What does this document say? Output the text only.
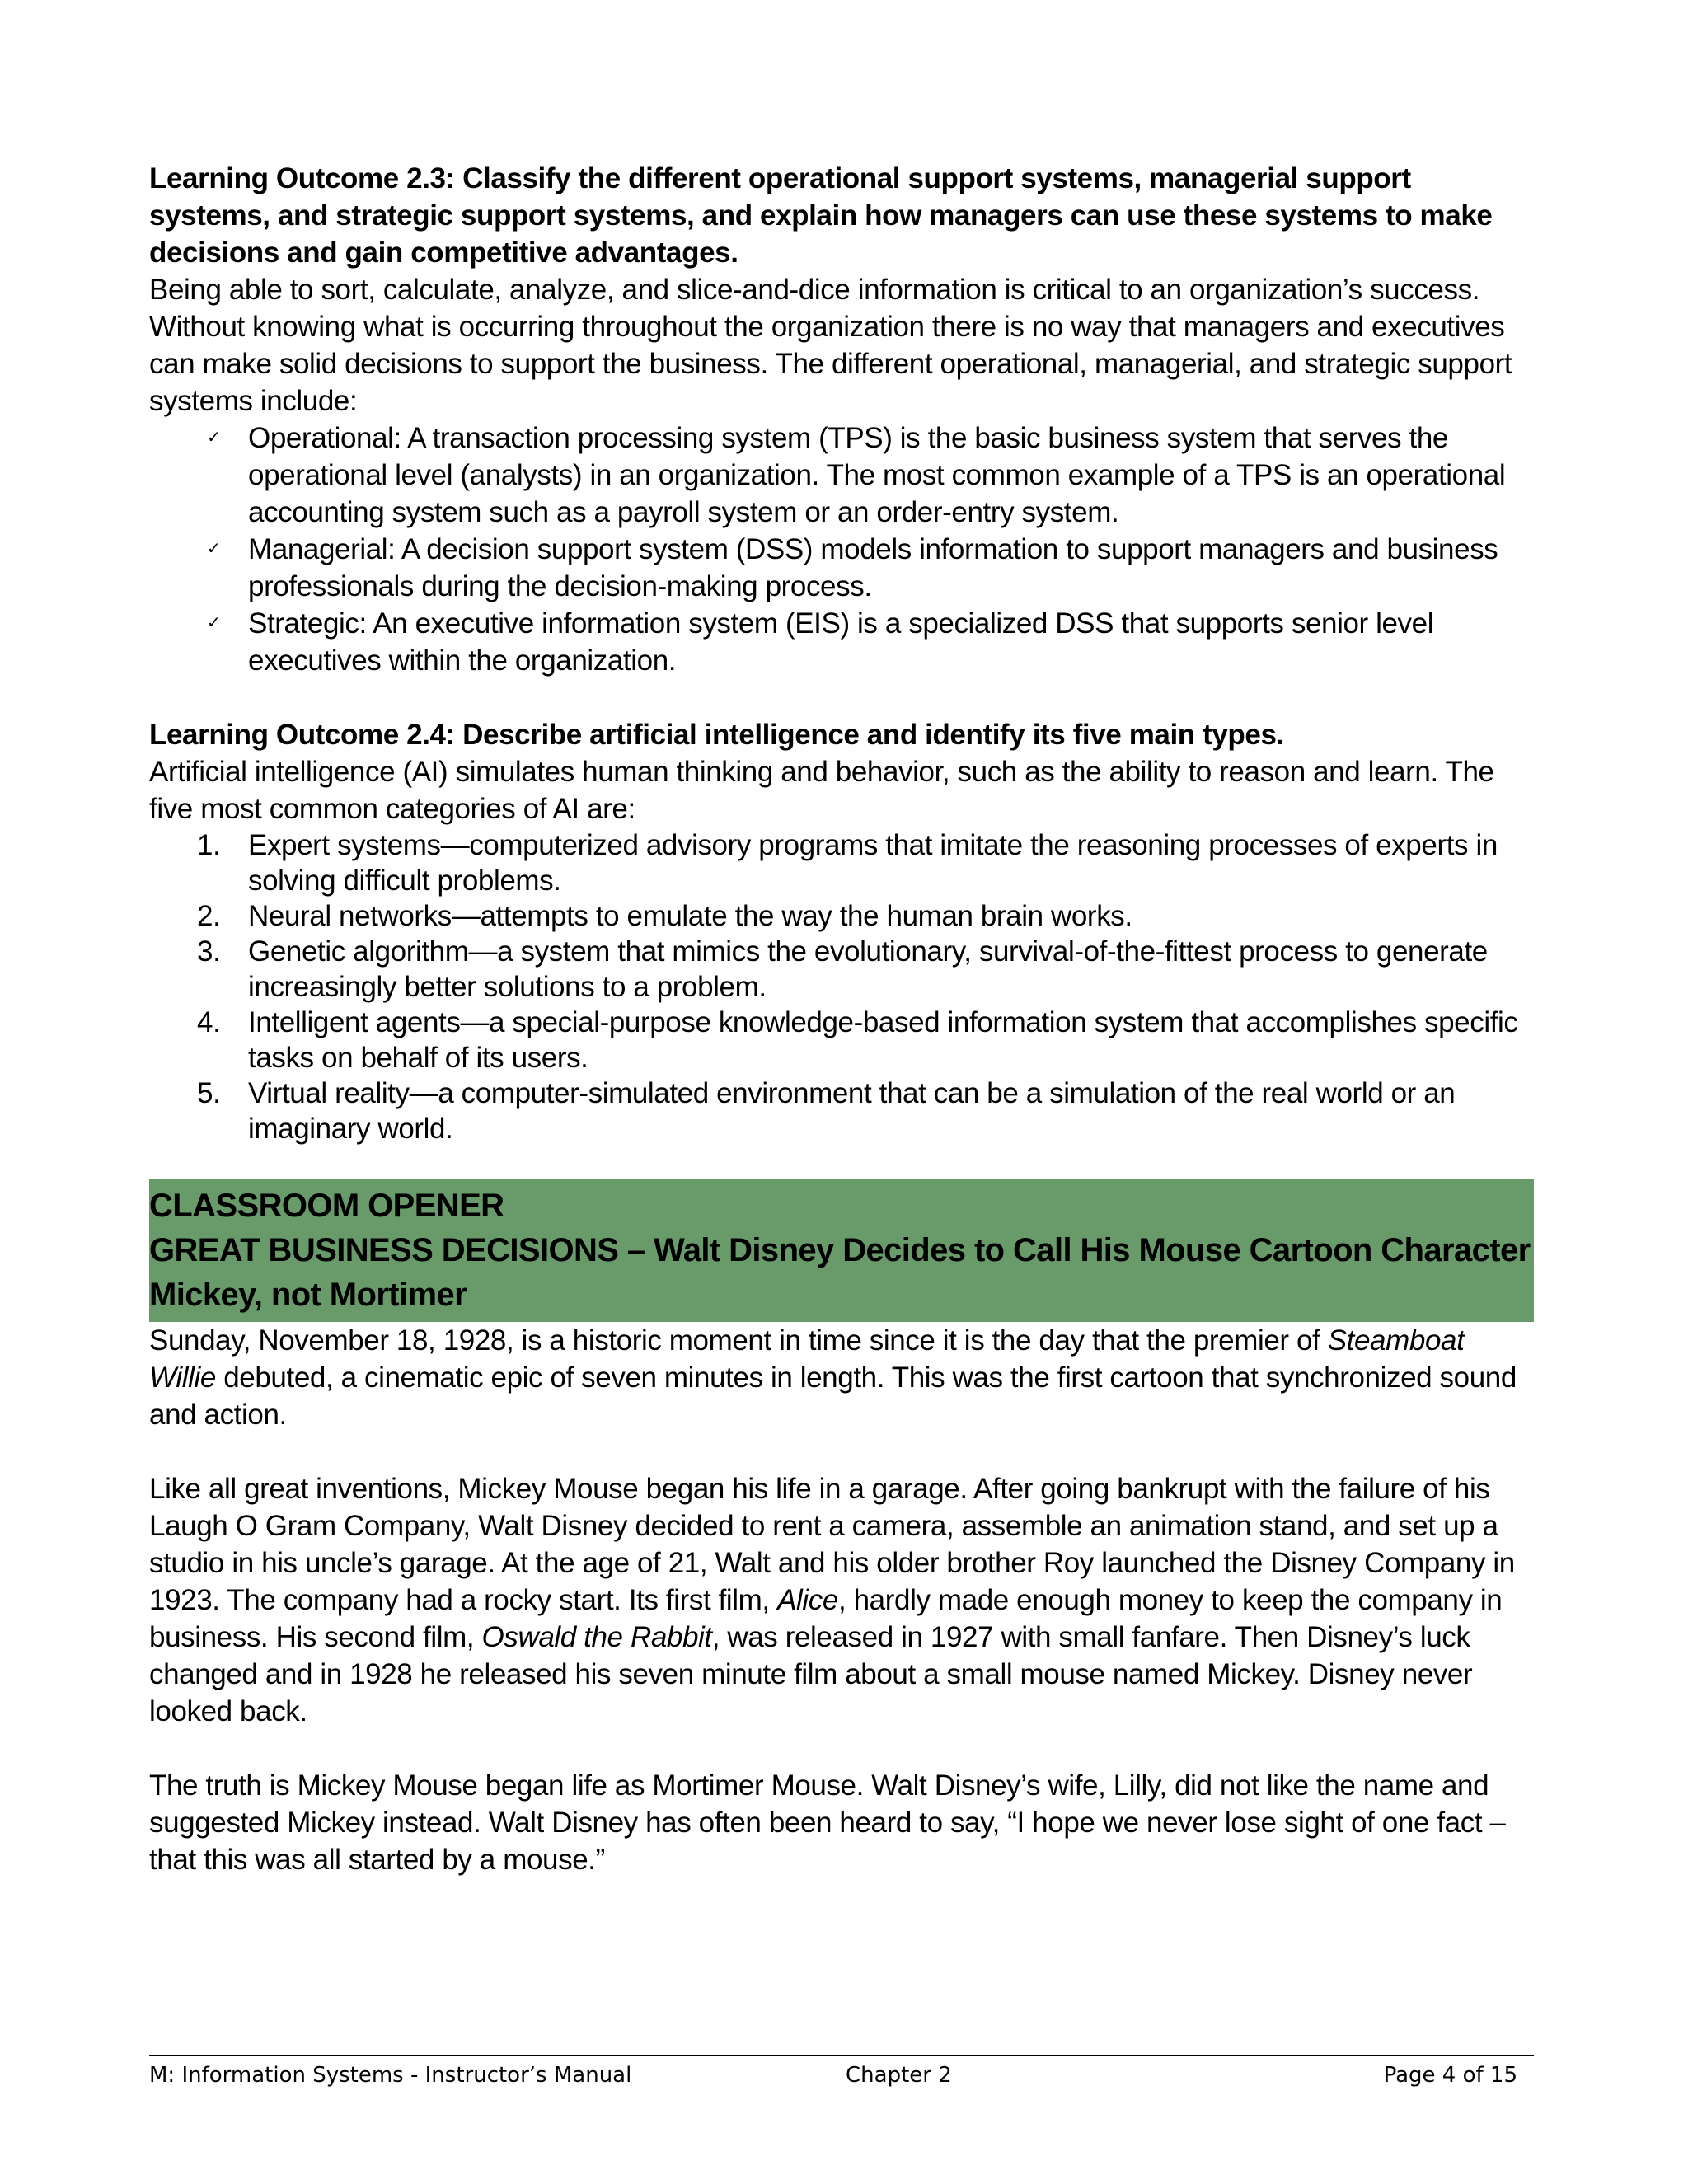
Learning Outcome 2.3: Classify the different operational support systems, managerial support systems, and strategic support systems, and explain how managers can use these systems to make decisions and gain competitive advantages.

Being able to sort, calculate, analyze, and slice-and-dice information is critical to an organization’s success. Without knowing what is occurring throughout the organization there is no way that managers and executives can make solid decisions to support the business. The different operational, managerial, and strategic support systems include:

✓ Operational: A transaction processing system (TPS) is the basic business system that serves the operational level (analysts) in an organization. The most common example of a TPS is an operational accounting system such as a payroll system or an order-entry system.
✓ Managerial: A decision support system (DSS) models information to support managers and business professionals during the decision-making process.
✓ Strategic: An executive information system (EIS) is a specialized DSS that supports senior level executives within the organization.

Learning Outcome 2.4: Describe artificial intelligence and identify its five main types.

Artificial intelligence (AI) simulates human thinking and behavior, such as the ability to reason and learn. The five most common categories of AI are:

1. Expert systems—computerized advisory programs that imitate the reasoning processes of experts in solving difficult problems.
2. Neural networks—attempts to emulate the way the human brain works.
3. Genetic algorithm—a system that mimics the evolutionary, survival-of-the-fittest process to generate increasingly better solutions to a problem.
4. Intelligent agents—a special-purpose knowledge-based information system that accomplishes specific tasks on behalf of its users.
5. Virtual reality—a computer-simulated environment that can be a simulation of the real world or an imaginary world.
CLASSROOM OPENER
GREAT BUSINESS DECISIONS – Walt Disney Decides to Call His Mouse Cartoon Character Mickey, not Mortimer

Sunday, November 18, 1928, is a historic moment in time since it is the day that the premier of Steamboat Willie debuted, a cinematic epic of seven minutes in length. This was the first cartoon that synchronized sound and action.

Like all great inventions, Mickey Mouse began his life in a garage. After going bankrupt with the failure of his Laugh O Gram Company, Walt Disney decided to rent a camera, assemble an animation stand, and set up a studio in his uncle’s garage. At the age of 21, Walt and his older brother Roy launched the Disney Company in 1923. The company had a rocky start. Its first film, Alice, hardly made enough money to keep the company in business. His second film, Oswald the Rabbit, was released in 1927 with small fanfare. Then Disney’s luck changed and in 1928 he released his seven minute film about a small mouse named Mickey. Disney never looked back.

The truth is Mickey Mouse began life as Mortimer Mouse. Walt Disney’s wife, Lilly, did not like the name and suggested Mickey instead. Walt Disney has often been heard to say, “I hope we never lose sight of one fact – that this was all started by a mouse.”

M: Information Systems - Instructor’s Manual	Chapter 2	Page 4 of 15
